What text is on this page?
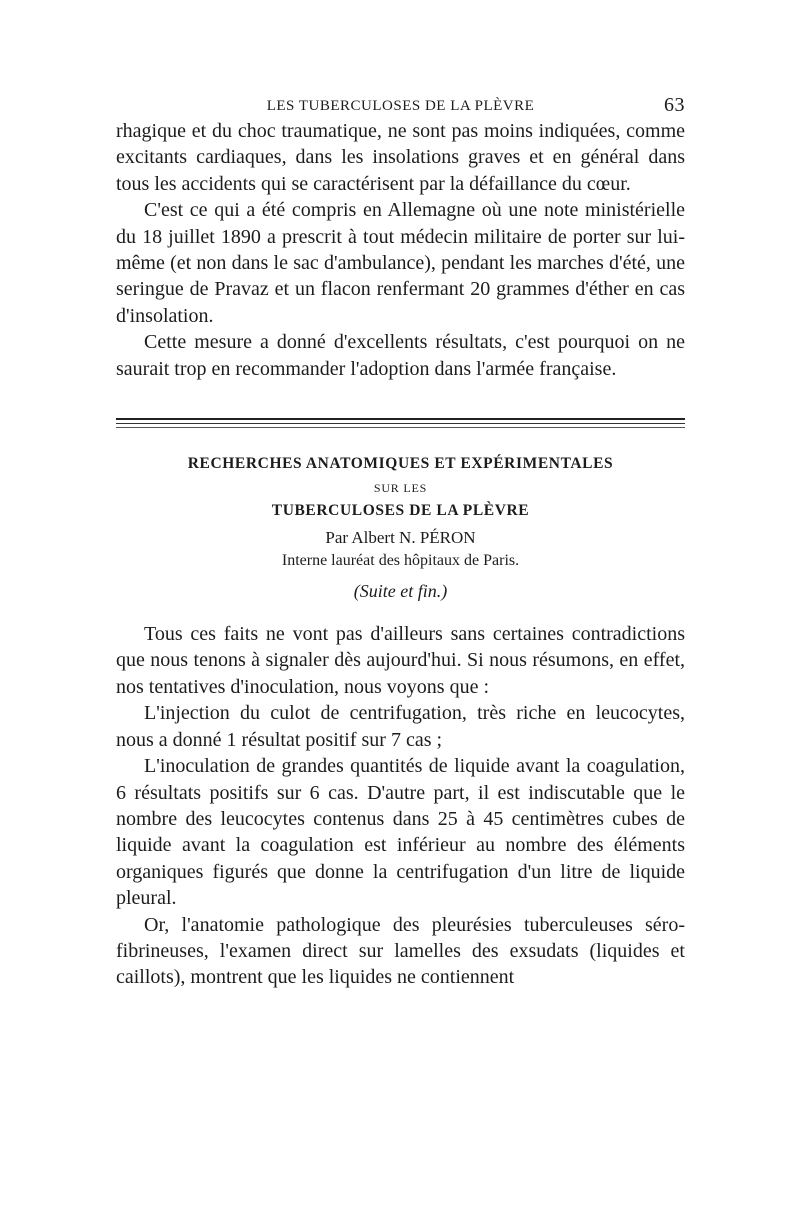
LES TUBERCULOSES DE LA PLÈVRE	63

rhagique et du choc traumatique, ne sont pas moins indiquées, comme excitants cardiaques, dans les insolations graves et en général dans tous les accidents qui se caractérisent par la défaillance du cœur.

C'est ce qui a été compris en Allemagne où une note ministérielle du 18 juillet 1890 a prescrit à tout médecin militaire de porter sur lui-même (et non dans le sac d'ambulance), pendant les marches d'été, une seringue de Pravaz et un flacon renfermant 20 grammes d'éther en cas d'insolation.

Cette mesure a donné d'excellents résultats, c'est pourquoi on ne saurait trop en recommander l'adoption dans l'armée française.

RECHERCHES ANATOMIQUES ET EXPÉRIMENTALES
SUR LES
TUBERCULOSES DE LA PLÈVRE
Par Albert N. PÉRON
Interne lauréat des hôpitaux de Paris.
(Suite et fin.)

Tous ces faits ne vont pas d'ailleurs sans certaines contradictions que nous tenons à signaler dès aujourd'hui. Si nous résumons, en effet, nos tentatives d'inoculation, nous voyons que :

L'injection du culot de centrifugation, très riche en leucocytes, nous a donné 1 résultat positif sur 7 cas ;

L'inoculation de grandes quantités de liquide avant la coagulation, 6 résultats positifs sur 6 cas. D'autre part, il est indiscutable que le nombre des leucocytes contenus dans 25 à 45 centimètres cubes de liquide avant la coagulation est inférieur au nombre des éléments organiques figurés que donne la centrifugation d'un litre de liquide pleural.

Or, l'anatomie pathologique des pleurésies tuberculeuses séro-fibrineuses, l'examen direct sur lamelles des exsudats (liquides et caillots), montrent que les liquides ne contiennent
